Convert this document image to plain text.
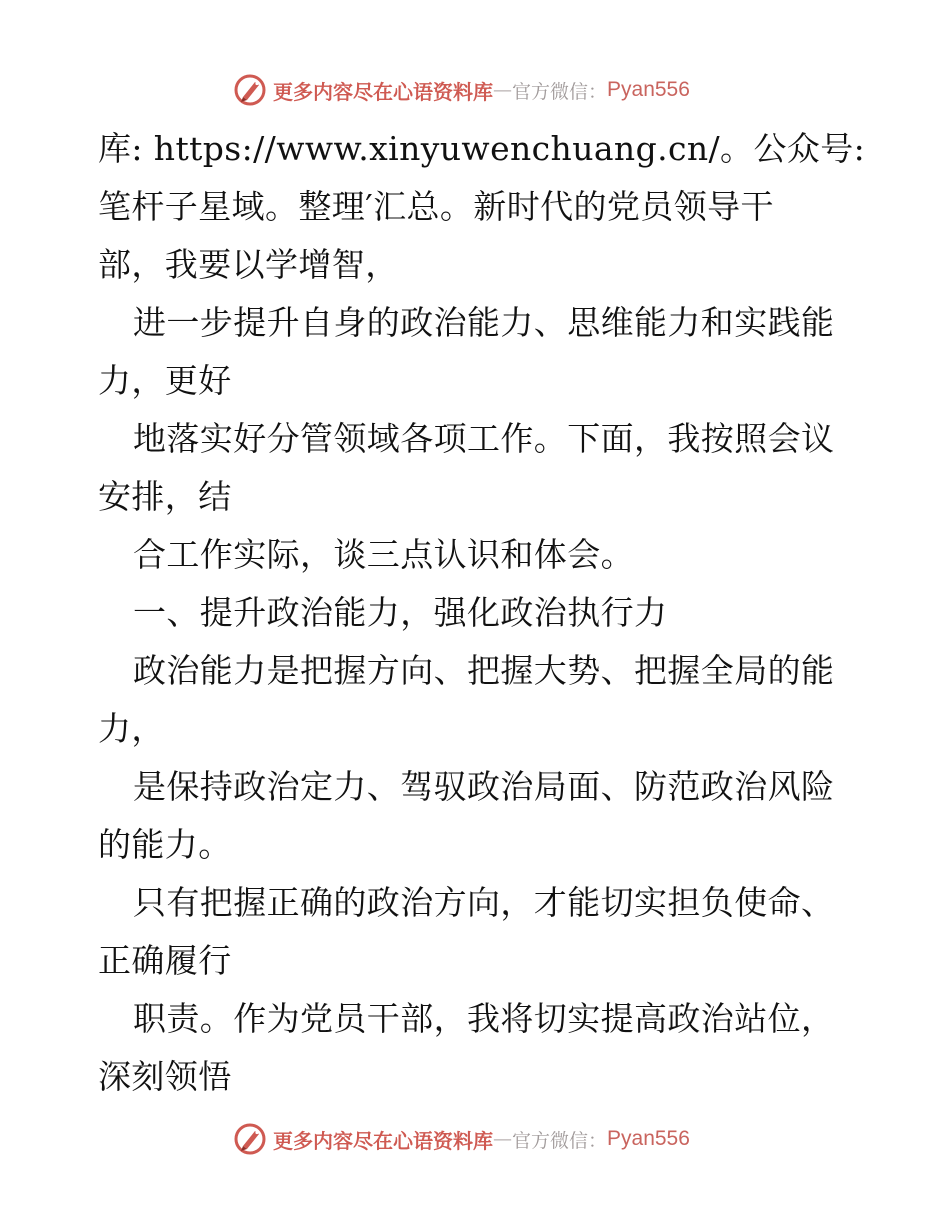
更多内容尽在心语资料库 — 官方微信： Pyan556
库: https://www.xinyuwenchuang.cn/。公众号:
笔杆子星域。整理′汇总。新时代的党员领导干
部，我要以学增智，
进一步提升自身的政治能力、思维能力和实践能
力，更好
地落实好分管领域各项工作。下面，我按照会议
安排，结
合工作实际，谈三点认识和体会。
一、提升政治能力，强化政治执行力
政治能力是把握方向、把握大势、把握全局的能
力，
是保持政治定力、驾驭政治局面、防范政治风险
的能力。
只有把握正确的政治方向，才能切实担负使命、
正确履行
职责。作为党员干部，我将切实提高政治站位，
深刻领悟
更多内容尽在心语资料库 — 官方微信： Pyan556
